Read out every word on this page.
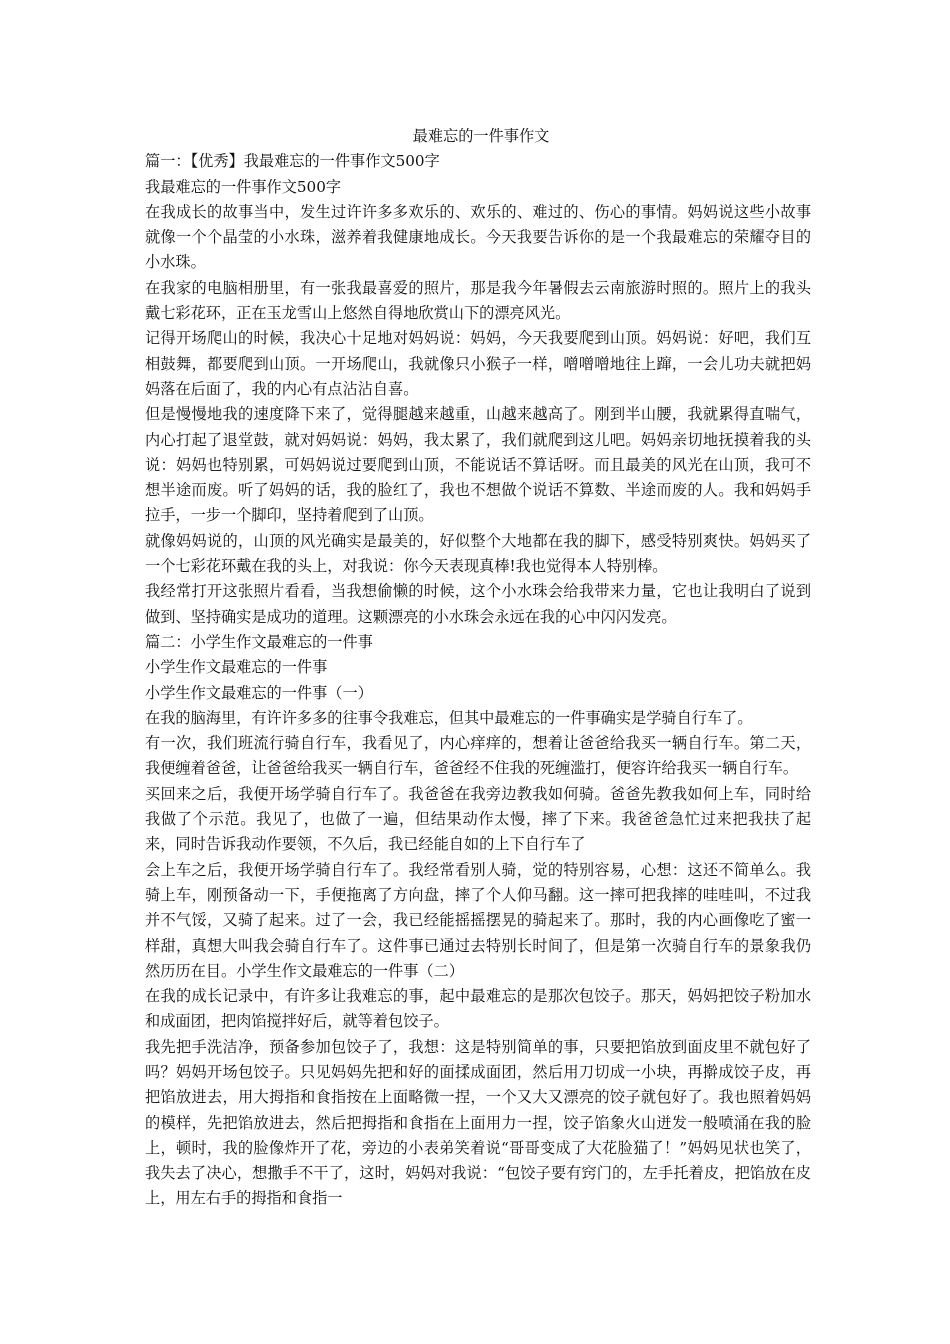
最难忘的一件事作文

篇一：【优秀】我最难忘的一件事作文500字

我最难忘的一件事作文500字

在我成长的故事当中，发生过许许多多欢乐的、欢乐的、难过的、伤心的事情。妈妈说这些小故事就像一个个晶莹的小水珠，滋养着我健康地成长。今天我要告诉你的是一个我最难忘的荣耀夺目的小水珠。

在我家的电脑相册里，有一张我最喜爱的照片，那是我今年暑假去云南旅游时照的。照片上的我头戴七彩花环，正在玉龙雪山上悠然自得地欣赏山下的漂亮风光。

记得开场爬山的时候，我决心十足地对妈妈说：妈妈，今天我要爬到山顶。妈妈说：好吧，我们互相鼓舞，都要爬到山顶。一开场爬山，我就像只小猴子一样，噌噌噌地往上蹿，一会儿功夫就把妈妈落在后面了，我的内心有点沾沾自喜。

但是慢慢地我的速度降下来了，觉得腿越来越重，山越来越高了。刚到半山腰，我就累得直喘气，内心打起了退堂鼓，就对妈妈说：妈妈，我太累了，我们就爬到这儿吧。妈妈亲切地抚摸着我的头说：妈妈也特别累，可妈妈说过要爬到山顶，不能说话不算话呀。而且最美的风光在山顶，我可不想半途而废。听了妈妈的话，我的脸红了，我也不想做个说话不算数、半途而废的人。我和妈妈手拉手，一步一个脚印，坚持着爬到了山顶。

就像妈妈说的，山顶的风光确实是最美的，好似整个大地都在我的脚下，感受特别爽快。妈妈买了一个七彩花环戴在我的头上，对我说：你今天表现真棒!我也觉得本人特别棒。

我经常打开这张照片看看，当我想偷懒的时候，这个小水珠会给我带来力量，它也让我明白了说到做到、坚持确实是成功的道理。这颗漂亮的小水珠会永远在我的心中闪闪发亮。

篇二：小学生作文最难忘的一件事

小学生作文最难忘的一件事

小学生作文最难忘的一件事（一）

在我的脑海里，有许许多多的往事令我难忘，但其中最难忘的一件事确实是学骑自行车了。

有一次，我们班流行骑自行车，我看见了，内心痒痒的，想着让爸爸给我买一辆自行车。第二天，我便缠着爸爸，让爸爸给我买一辆自行车，爸爸经不住我的死缠滥打，便容许给我买一辆自行车。

买回来之后，我便开场学骑自行车了。我爸爸在我旁边教我如何骑。爸爸先教我如何上车，同时给我做了个示范。我见了，也做了一遍，但结果动作太慢，摔了下来。我爸爸急忙过来把我扶了起来，同时告诉我动作要领，不久后，我已经能自如的上下自行车了

会上车之后，我便开场学骑自行车了。我经常看别人骑，觉的特别容易，心想：这还不简单么。我骑上车，刚预备动一下，手便拖离了方向盘，摔了个人仰马翻。这一摔可把我摔的哇哇叫，不过我并不气馁，又骑了起来。过了一会，我已经能摇摇摆晃的骑起来了。那时，我的内心画像吃了蜜一样甜，真想大叫我会骑自行车了。这件事已通过去特别长时间了，但是第一次骑自行车的景象我仍然历历在目。小学生作文最难忘的一件事（二）

在我的成长记录中，有许多让我难忘的事，起中最难忘的是那次包饺子。那天，妈妈把饺子粉加水和成面团，把肉馅搅拌好后，就等着包饺子。

我先把手洗洁净，预备参加包饺子了，我想：这是特别简单的事，只要把馅放到面皮里不就包好了吗？妈妈开场包饺子。只见妈妈先把和好的面揉成面团，然后用刀切成一小块，再擀成饺子皮，再把馅放进去，用大拇指和食指按在上面略微一捏，一个又大又漂亮的饺子就包好了。我也照着妈妈的模样，先把馅放进去，然后把拇指和食指在上面用力一捏，饺子馅象火山迸发一般喷涌在我的脸上，顿时，我的脸像炸开了花，旁边的小表弟笑着说“哥哥变成了大花脸猫了！”妈妈见状也笑了，我失去了决心，想撒手不干了，这时，妈妈对我说：“包饺子要有窍门的，左手托着皮，把馅放在皮上，用左右手的拇指和食指一
